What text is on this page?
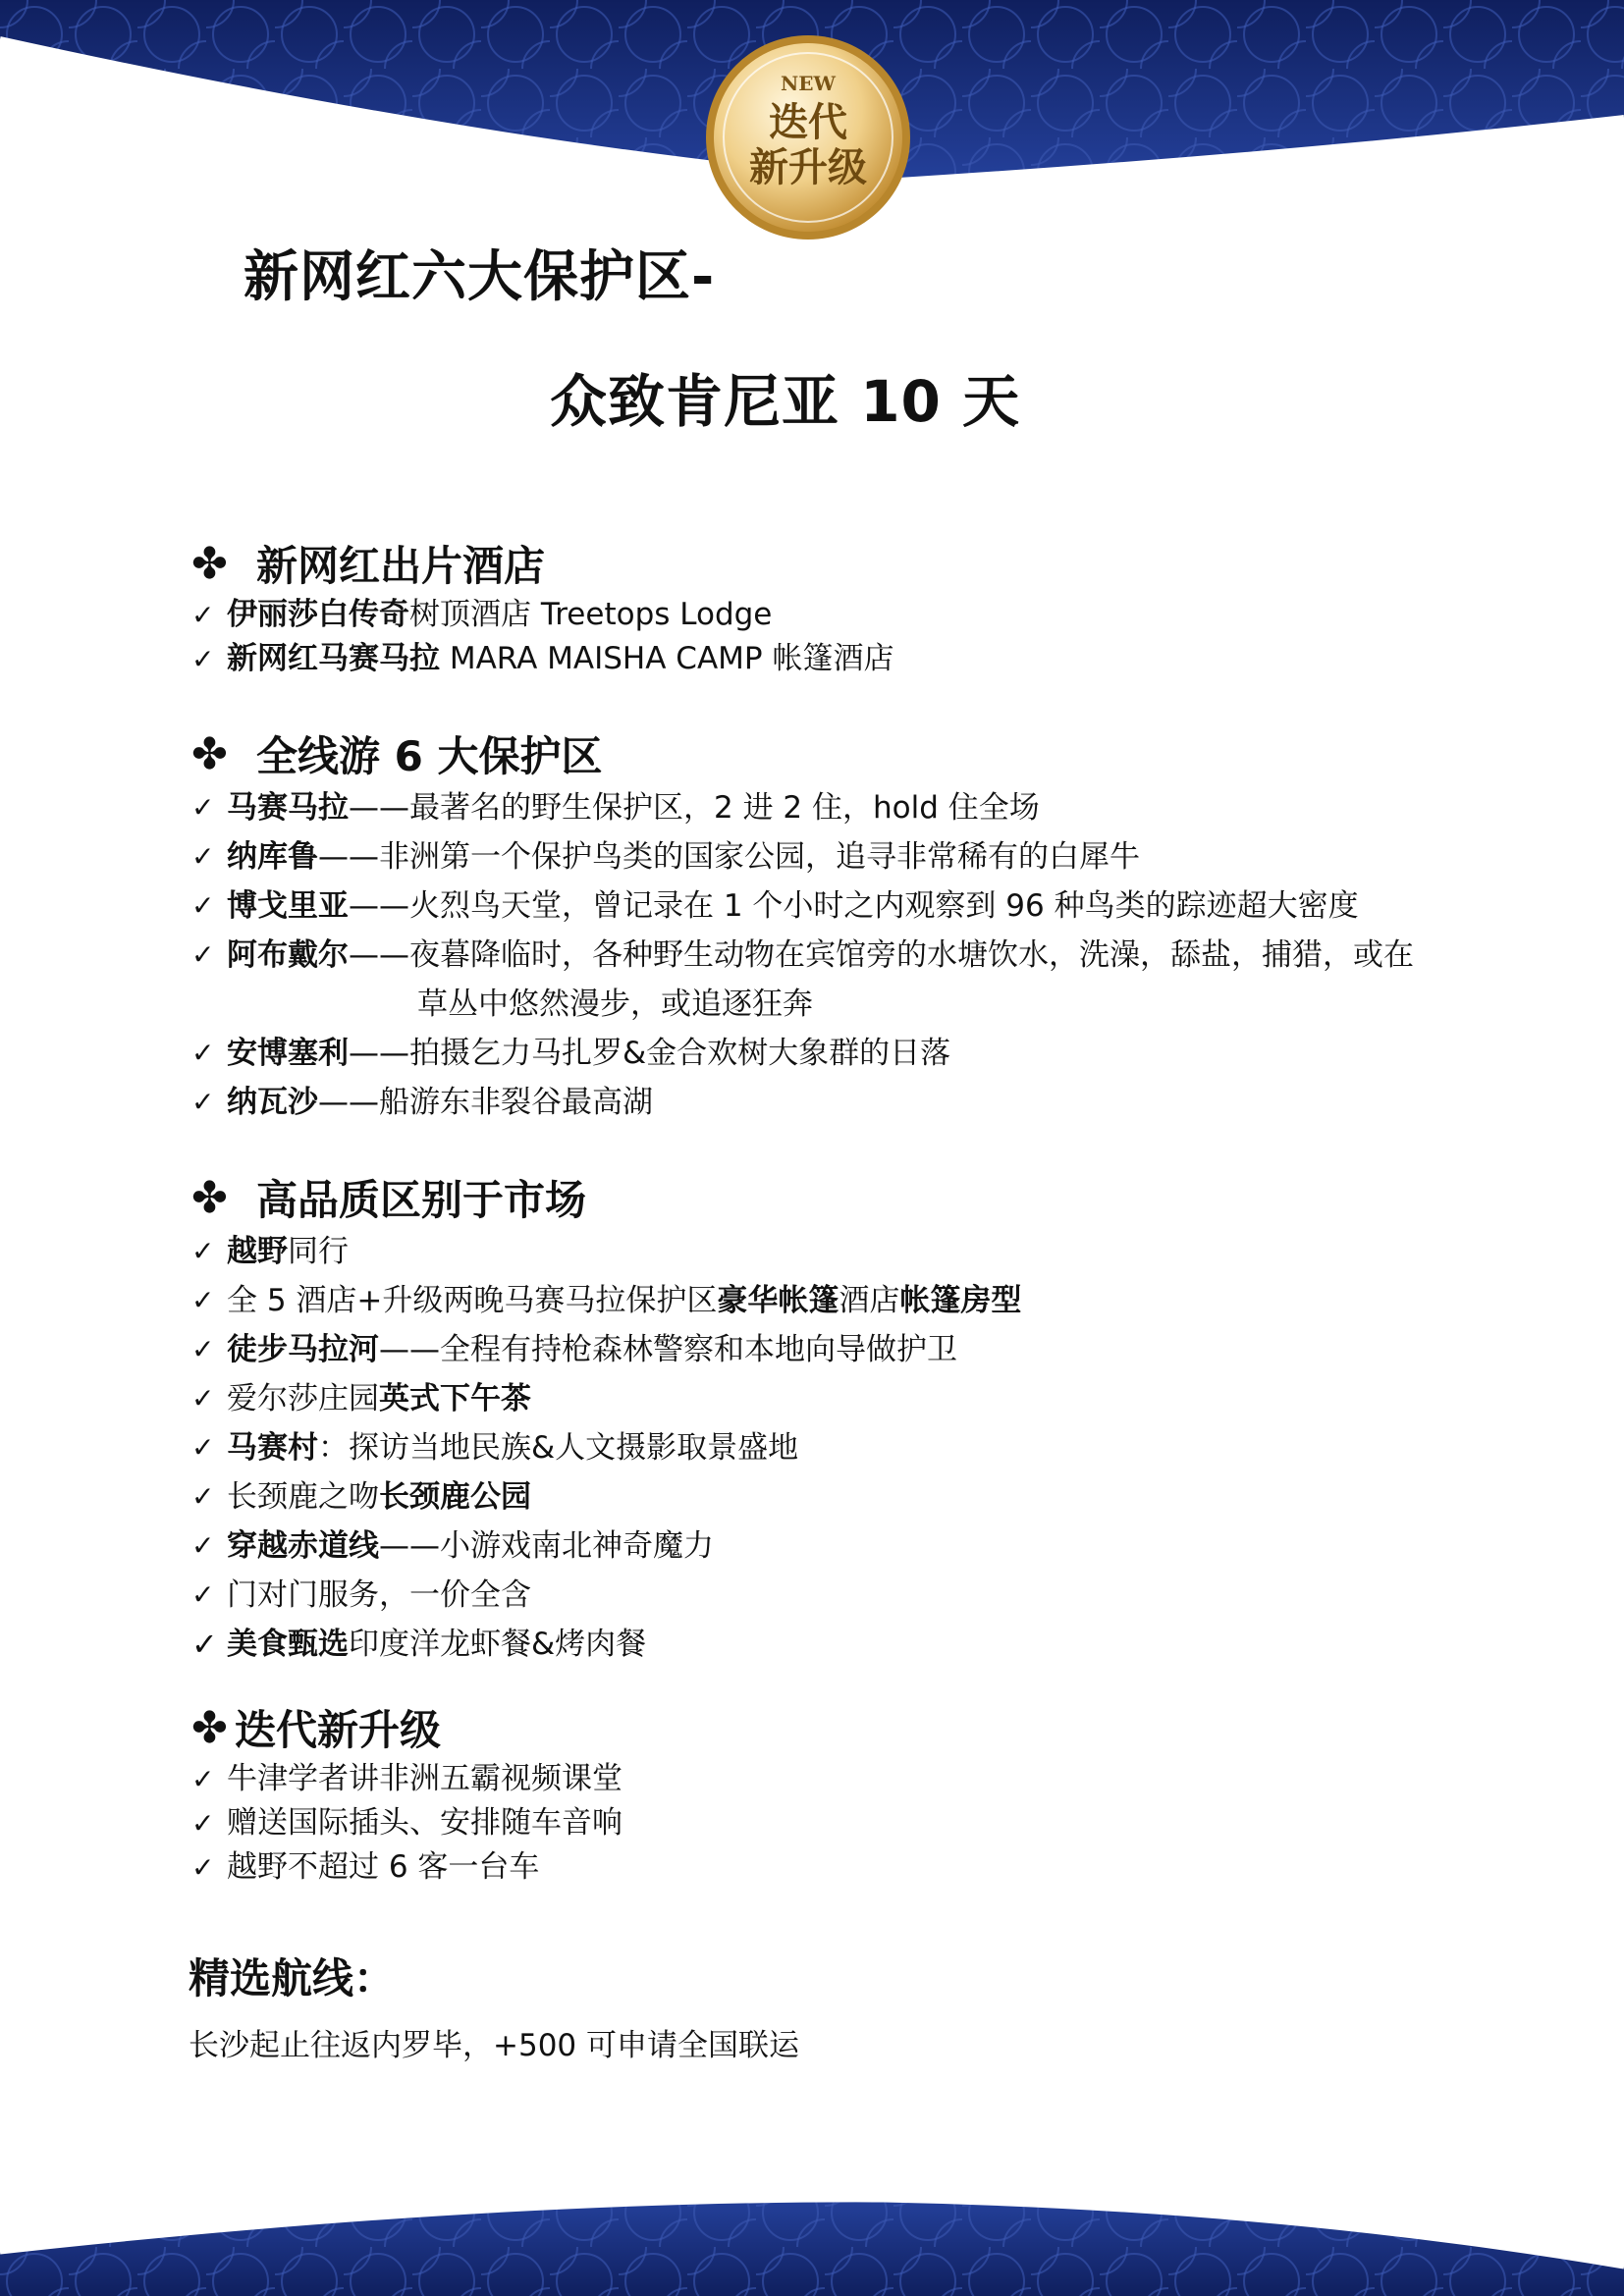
NEW
迭代
新升级
新网红六大保护区-
众致肯尼亚 10 天
✤ 新网红出片酒店
✓ 伊丽莎白传奇树顶酒店 Treetops Lodge
✓ 新网红马赛马拉 MARA MAISHA CAMP 帐篷酒店
✤ 全线游 6 大保护区
✓ 马赛马拉——最著名的野生保护区，2 进 2 住，hold 住全场
✓ 纳库鲁——非洲第一个保护鸟类的国家公园，追寻非常稀有的白犀牛
✓ 博戈里亚——火烈鸟天堂，曾记录在 1 个小时之内观察到 96 种鸟类的踪迹超大密度
✓ 阿布戴尔——夜暮降临时，各种野生动物在宾馆旁的水塘饮水，洗澡，舔盐，捕猎，或在
草丛中悠然漫步，或追逐狂奔
✓ 安博塞利——拍摄乞力马扎罗&金合欢树大象群的日落
✓ 纳瓦沙——船游东非裂谷最高湖
✤ 高品质区别于市场
✓ 越野同行
✓ 全 5 酒店+升级两晚马赛马拉保护区豪华帐篷酒店帐篷房型
✓ 徒步马拉河——全程有持枪森林警察和本地向导做护卫
✓ 爱尔莎庄园英式下午茶
✓ 马赛村：探访当地民族&人文摄影取景盛地
✓ 长颈鹿之吻长颈鹿公园
✓ 穿越赤道线——小游戏南北神奇魔力
✓ 门对门服务，一价全含
✓ 美食甄选印度洋龙虾餐&烤肉餐
✤ 迭代新升级
✓ 牛津学者讲非洲五霸视频课堂
✓ 赠送国际插头、安排随车音响
✓ 越野不超过 6 客一台车
精选航线：

长沙起止往返内罗毕，+500 可申请全国联运
